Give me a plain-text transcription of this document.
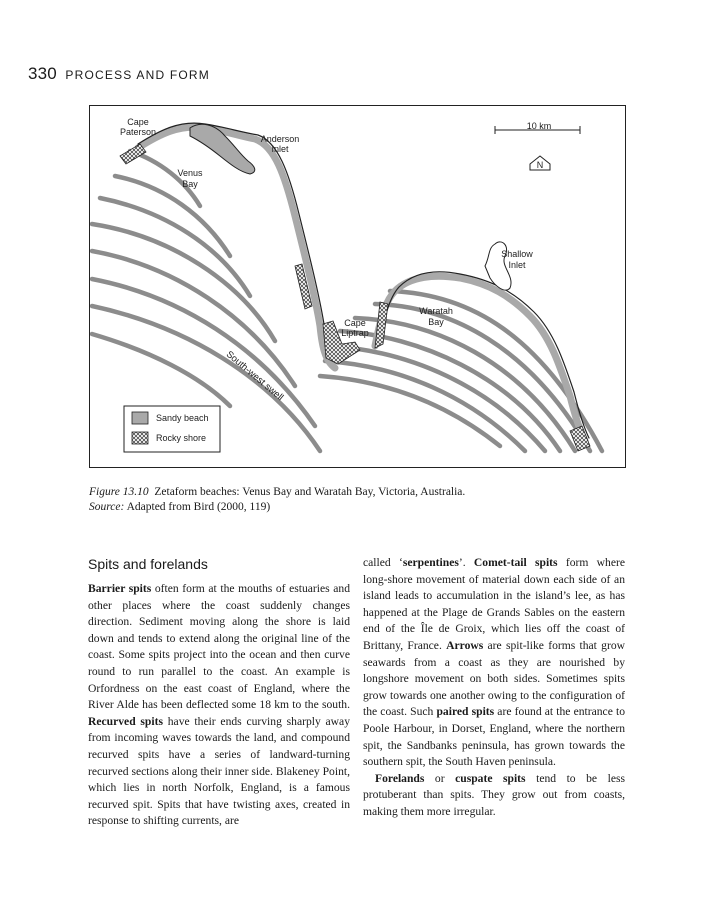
330 PROCESS AND FORM
Cape
Paterson
Anderson
Inlet
Venus
Bay
10 km
N
Shallow
Inlet
Waratah
Bay
Cape
Liptrap
South-west swell
Sandy beach
Rocky shore
Figure 13.10 Zetaform beaches: Venus Bay and Waratah Bay, Victoria, Australia.
Source: Adapted from Bird (2000, 119)
Spits and forelands

Barrier spits often form at the mouths of estuaries and other places where the coast suddenly changes direction. Sediment moving along the shore is laid down and tends to extend along the original line of the coast. Some spits project into the ocean and then curve round to run parallel to the coast. An example is Orfordness on the east coast of England, where the River Alde has been deflected some 18 km to the south. Recurved spits have their ends curving sharply away from incoming waves towards the land, and compound recurved spits have a series of landward-turning recurved sections along their inner side. Blakeney Point, which lies in north Norfolk, England, is a famous recurved spit. Spits that have twisting axes, created in response to shifting currents, are

called ‘serpentines’. Comet-tail spits form where long-shore movement of material down each side of an island leads to accumulation in the island’s lee, as has happened at the Plage de Grands Sables on the eastern end of the Île de Groix, which lies off the coast of Brittany, France. Arrows are spit-like forms that grow seawards from a coast as they are nourished by longshore movement on both sides. Sometimes spits grow towards one another owing to the configuration of the coast. Such paired spits are found at the entrance to Poole Harbour, in Dorset, England, where the northern spit, the Sandbanks peninsula, has grown towards the southern spit, the South Haven peninsula.

Forelands or cuspate spits tend to be less protuberant than spits. They grow out from coasts, making them more irregular.
